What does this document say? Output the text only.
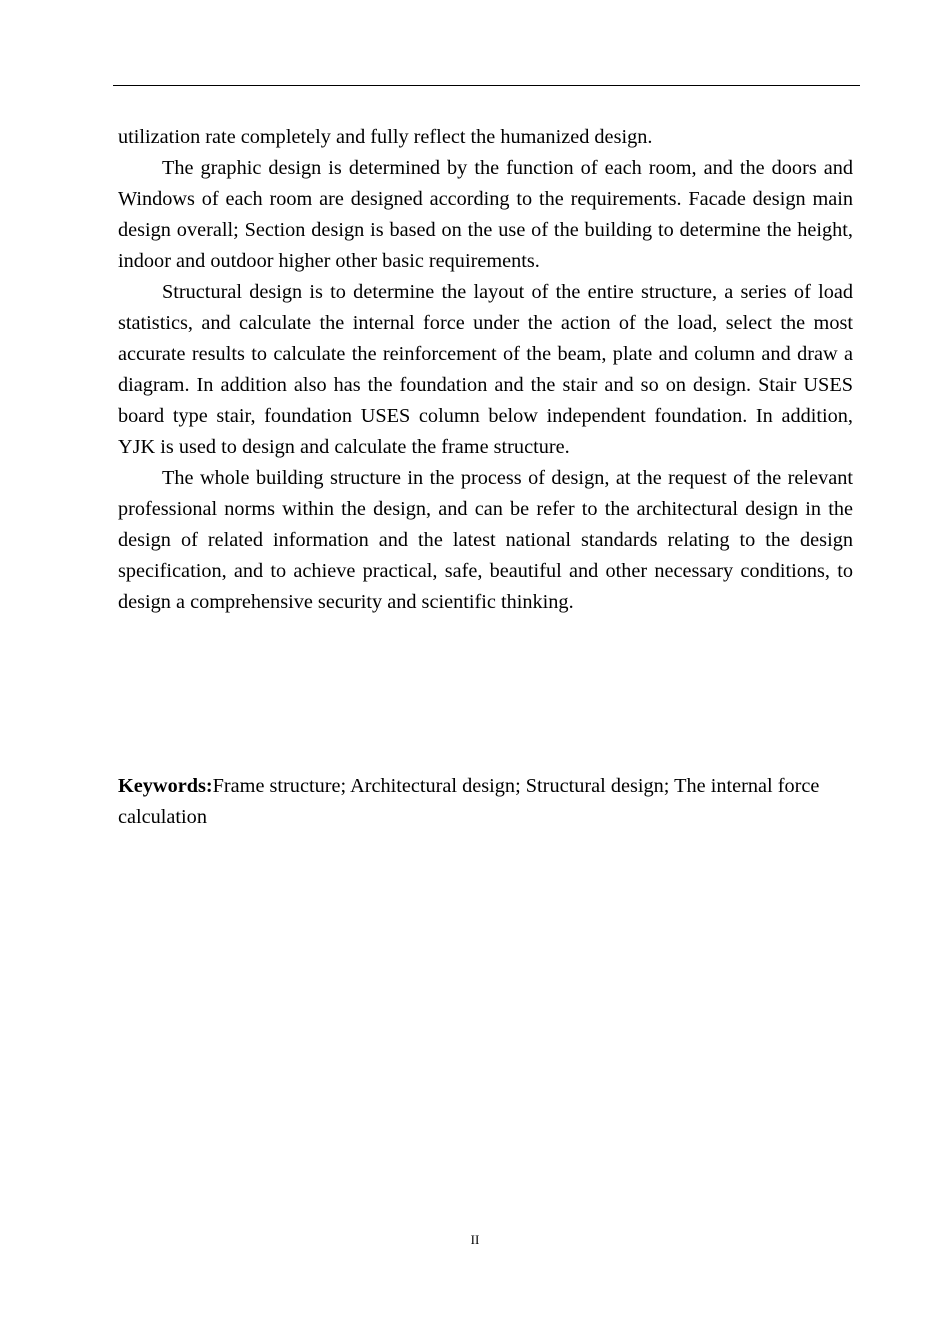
utilization rate completely and fully reflect the humanized design.

The graphic design is determined by the function of each room, and the doors and Windows of each room are designed according to the requirements. Facade design main design overall; Section design is based on the use of the building to determine the height, indoor and outdoor higher other basic requirements.

Structural design is to determine the layout of the entire structure, a series of load statistics, and calculate the internal force under the action of the load, select the most accurate results to calculate the reinforcement of the beam, plate and column and draw a diagram. In addition also has the foundation and the stair and so on design. Stair USES board type stair, foundation USES column below independent foundation. In addition, YJK is used to design and calculate the frame structure.

The whole building structure in the process of design, at the request of the relevant professional norms within the design, and can be refer to the architectural design in the design of related information and the latest national standards relating to the design specification, and to achieve practical, safe, beautiful and other necessary conditions, to design a comprehensive security and scientific thinking.

Keywords:Frame structure; Architectural design; Structural design; The internal force calculation

II
